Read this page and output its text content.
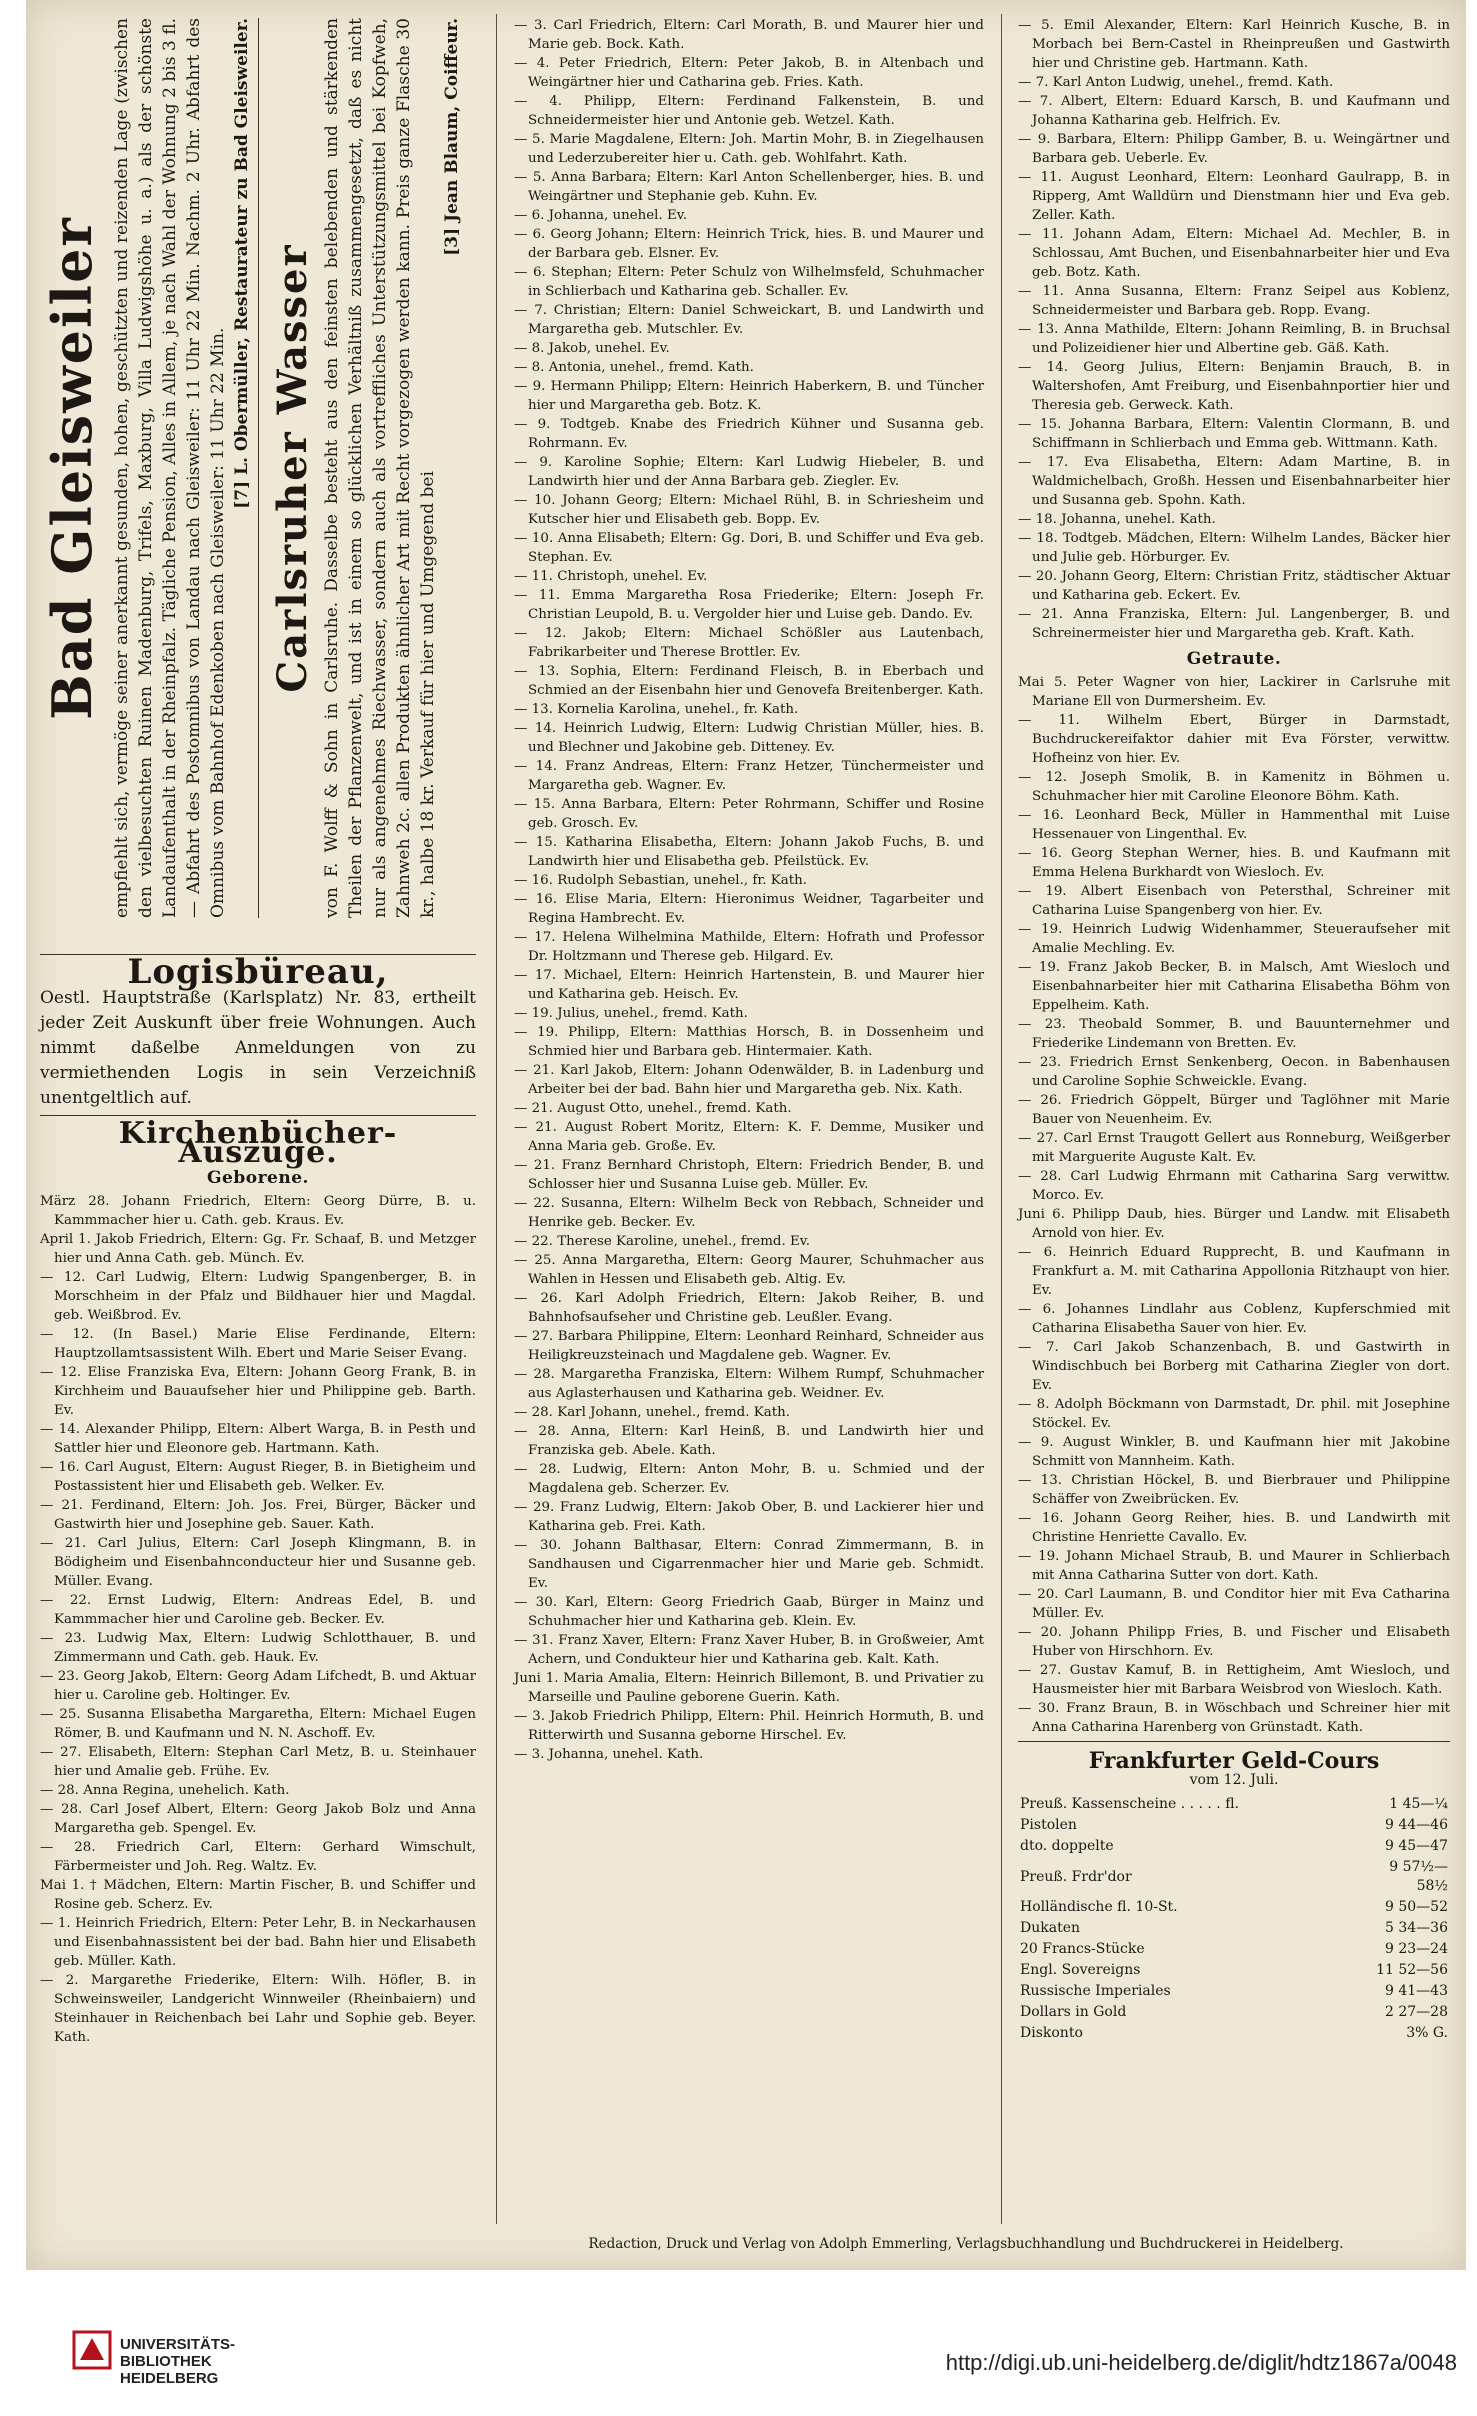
Bad Gleisweiler empfiehlt sich, vermöge seiner anerkannt gesunden, hohen, geschützten und reizenden Lage (zwischen den vielbesuchten Ruinen Madenburg, Trifels, Maxburg, Villa Ludwigshöhe u. a.) als der schönste Landaufenthalt in der Rheinpfalz. Tägliche Pension, Alles in Allem, je nach Wahl der Wohnung 2 bis 3 fl. — Abfahrt des Postomnibus von Landau nach Gleisweiler: 11 Uhr 22 Min. Nachm. 2 Uhr. Abfahrt des Omnibus vom Bahnhof Edenkoben nach Gleisweiler: 11 Uhr 22 Min. [7] L. Obermüller, Restaurateur zu Bad Gleisweiler. Carlsruher Wasser von F. Wolff & Sohn in Carlsruhe. Dasselbe besteht aus den feinsten belebenden und stärkenden Theilen der Pflanzenwelt, und ist in einem so glücklichen Verhältniß zusammengesetzt, daß es nicht nur als angenehmes Riechwasser, sondern auch als vortreffliches Unterstützungsmittel bei Kopfweh, Zahnweh 2c. allen Produkten ähnlicher Art mit Recht vorgezogen werden kann. Preis ganze Flasche 30 kr., halbe 18 kr. Verkauf für hier und Umgegend bei
[3] Jean Blaum, Coiffeur.
Logisbüreau,
Oestl. Hauptstraße (Karlsplatz) Nr. 83, ertheilt jeder Zeit Auskunft über freie Wohnungen. Auch nimmt daßelbe Anmeldungen von zu vermiethenden Logis in sein Verzeichniß unentgeltlich auf.
Kirchenbücher-Auszüge.
Geborene.

März 28. Johann Friedrich, Eltern: Georg Dürre, B. u. Kammmacher hier u. Cath. geb. Kraus. Ev.

April 1. Jakob Friedrich, Eltern: Gg. Fr. Schaaf, B. und Metzger hier und Anna Cath. geb. Münch. Ev.

— 12. Carl Ludwig, Eltern: Ludwig Spangenberger, B. in Morschheim in der Pfalz und Bildhauer hier und Magdal. geb. Weißbrod. Ev.

— 12. (In Basel.) Marie Elise Ferdinande, Eltern: Hauptzollamtsassistent Wilh. Ebert und Marie Seiser Evang.

— 12. Elise Franziska Eva, Eltern: Johann Georg Frank, B. in Kirchheim und Bauaufseher hier und Philippine geb. Barth. Ev.

— 14. Alexander Philipp, Eltern: Albert Warga, B. in Pesth und Sattler hier und Eleonore geb. Hartmann. Kath.

— 16. Carl August, Eltern: August Rieger, B. in Bietigheim und Postassistent hier und Elisabeth geb. Welker. Ev.

— 21. Ferdinand, Eltern: Joh. Jos. Frei, Bürger, Bäcker und Gastwirth hier und Josephine geb. Sauer. Kath.

— 21. Carl Julius, Eltern: Carl Joseph Klingmann, B. in Bödigheim und Eisenbahnconducteur hier und Susanne geb. Müller. Evang.

— 22. Ernst Ludwig, Eltern: Andreas Edel, B. und Kammmacher hier und Caroline geb. Becker. Ev.

— 23. Ludwig Max, Eltern: Ludwig Schlotthauer, B. und Zimmermann und Cath. geb. Hauk. Ev.

— 23. Georg Jakob, Eltern: Georg Adam Lifchedt, B. und Aktuar hier u. Caroline geb. Holtinger. Ev.

— 25. Susanna Elisabetha Margaretha, Eltern: Michael Eugen Römer, B. und Kaufmann und N. N. Aschoff. Ev.

— 27. Elisabeth, Eltern: Stephan Carl Metz, B. u. Steinhauer hier und Amalie geb. Frühe. Ev.

— 28. Anna Regina, unehelich. Kath.

— 28. Carl Josef Albert, Eltern: Georg Jakob Bolz und Anna Margaretha geb. Spengel. Ev.

— 28. Friedrich Carl, Eltern: Gerhard Wimschult, Färbermeister und Joh. Reg. Waltz. Ev.

Mai 1. † Mädchen, Eltern: Martin Fischer, B. und Schiffer und Rosine geb. Scherz. Ev.

— 1. Heinrich Friedrich, Eltern: Peter Lehr, B. in Neckarhausen und Eisenbahnassistent bei der bad. Bahn hier und Elisabeth geb. Müller. Kath.

— 2. Margarethe Friederike, Eltern: Wilh. Höfler, B. in Schweinsweiler, Landgericht Winnweiler (Rheinbaiern) und Steinhauer in Reichenbach bei Lahr und Sophie geb. Beyer. Kath.

— 3. Carl Friedrich, Eltern: Carl Morath, B. und Maurer hier und Marie geb. Bock. Kath.

— 4. Peter Friedrich, Eltern: Peter Jakob, B. in Altenbach und Weingärtner hier und Catharina geb. Fries. Kath.

— 4. Philipp, Eltern: Ferdinand Falkenstein, B. und Schneidermeister hier und Antonie geb. Wetzel. Kath.

— 5. Marie Magdalene, Eltern: Joh. Martin Mohr, B. in Ziegelhausen und Lederzubereiter hier u. Cath. geb. Wohlfahrt. Kath.

— 5. Anna Barbara; Eltern: Karl Anton Schellenberger, hies. B. und Weingärtner und Stephanie geb. Kuhn. Ev.

— 6. Johanna, unehel. Ev.

— 6. Georg Johann; Eltern: Heinrich Trick, hies. B. und Maurer und der Barbara geb. Elsner. Ev.

— 6. Stephan; Eltern: Peter Schulz von Wilhelmsfeld, Schuhmacher in Schlierbach und Katharina geb. Schaller. Ev.

— 7. Christian; Eltern: Daniel Schweickart, B. und Landwirth und Margaretha geb. Mutschler. Ev.

— 8. Jakob, unehel. Ev.

— 8. Antonia, unehel., fremd. Kath.

— 9. Hermann Philipp; Eltern: Heinrich Haberkern, B. und Tüncher hier und Margaretha geb. Botz. K.

— 9. Todtgeb. Knabe des Friedrich Kühner und Susanna geb. Rohrmann. Ev.

— 9. Karoline Sophie; Eltern: Karl Ludwig Hiebeler, B. und Landwirth hier und der Anna Barbara geb. Ziegler. Ev.

— 10. Johann Georg; Eltern: Michael Rühl, B. in Schriesheim und Kutscher hier und Elisabeth geb. Bopp. Ev.

— 10. Anna Elisabeth; Eltern: Gg. Dori, B. und Schiffer und Eva geb. Stephan. Ev.

— 11. Christoph, unehel. Ev.

— 11. Emma Margaretha Rosa Friederike; Eltern: Joseph Fr. Christian Leupold, B. u. Vergolder hier und Luise geb. Dando. Ev.

— 12. Jakob; Eltern: Michael Schößler aus Lautenbach, Fabrikarbeiter und Therese Brottler. Ev.

— 13. Sophia, Eltern: Ferdinand Fleisch, B. in Eberbach und Schmied an der Eisenbahn hier und Genovefa Breitenberger. Kath.

— 13. Kornelia Karolina, unehel., fr. Kath.

— 14. Heinrich Ludwig, Eltern: Ludwig Christian Müller, hies. B. und Blechner und Jakobine geb. Ditteney. Ev.

— 14. Franz Andreas, Eltern: Franz Hetzer, Tünchermeister und Margaretha geb. Wagner. Ev.

— 15. Anna Barbara, Eltern: Peter Rohrmann, Schiffer und Rosine geb. Grosch. Ev.

— 15. Katharina Elisabetha, Eltern: Johann Jakob Fuchs, B. und Landwirth hier und Elisabetha geb. Pfeilstück. Ev.

— 16. Rudolph Sebastian, unehel., fr. Kath.

— 16. Elise Maria, Eltern: Hieronimus Weidner, Tagarbeiter und Regina Hambrecht. Ev.

— 17. Helena Wilhelmina Mathilde, Eltern: Hofrath und Professor Dr. Holtzmann und Therese geb. Hilgard. Ev.

— 17. Michael, Eltern: Heinrich Hartenstein, B. und Maurer hier und Katharina geb. Heisch. Ev.

— 19. Julius, unehel., fremd. Kath.

— 19. Philipp, Eltern: Matthias Horsch, B. in Dossenheim und Schmied hier und Barbara geb. Hintermaier. Kath.

— 21. Karl Jakob, Eltern: Johann Odenwälder, B. in Ladenburg und Arbeiter bei der bad. Bahn hier und Margaretha geb. Nix. Kath.

— 21. August Otto, unehel., fremd. Kath.

— 21. August Robert Moritz, Eltern: K. F. Demme, Musiker und Anna Maria geb. Große. Ev.

— 21. Franz Bernhard Christoph, Eltern: Friedrich Bender, B. und Schlosser hier und Susanna Luise geb. Müller. Ev.

— 22. Susanna, Eltern: Wilhelm Beck von Rebbach, Schneider und Henrike geb. Becker. Ev.

— 22. Therese Karoline, unehel., fremd. Ev.

— 25. Anna Margaretha, Eltern: Georg Maurer, Schuhmacher aus Wahlen in Hessen und Elisabeth geb. Altig. Ev.

— 26. Karl Adolph Friedrich, Eltern: Jakob Reiher, B. und Bahnhofsaufseher und Christine geb. Leußler. Evang.

— 27. Barbara Philippine, Eltern: Leonhard Reinhard, Schneider aus Heiligkreuzsteinach und Magdalene geb. Wagner. Ev.

— 28. Margaretha Franziska, Eltern: Wilhem Rumpf, Schuhmacher aus Aglasterhausen und Katharina geb. Weidner. Ev.

— 28. Karl Johann, unehel., fremd. Kath.

— 28. Anna, Eltern: Karl Heinß, B. und Landwirth hier und Franziska geb. Abele. Kath.

— 28. Ludwig, Eltern: Anton Mohr, B. u. Schmied und der Magdalena geb. Scherzer. Ev.

— 29. Franz Ludwig, Eltern: Jakob Ober, B. und Lackierer hier und Katharina geb. Frei. Kath.

— 30. Johann Balthasar, Eltern: Conrad Zimmermann, B. in Sandhausen und Cigarrenmacher hier und Marie geb. Schmidt. Ev.

— 30. Karl, Eltern: Georg Friedrich Gaab, Bürger in Mainz und Schuhmacher hier und Katharina geb. Klein. Ev.

— 31. Franz Xaver, Eltern: Franz Xaver Huber, B. in Großweier, Amt Achern, und Condukteur hier und Katharina geb. Kalt. Kath.

Juni 1. Maria Amalia, Eltern: Heinrich Billemont, B. und Privatier zu Marseille und Pauline geborene Guerin. Kath.

— 3. Jakob Friedrich Philipp, Eltern: Phil. Heinrich Hormuth, B. und Ritterwirth und Susanna geborne Hirschel. Ev.

— 3. Johanna, unehel. Kath.

— 5. Emil Alexander, Eltern: Karl Heinrich Kusche, B. in Morbach bei Bern-Castel in Rheinpreußen und Gastwirth hier und Christine geb. Hartmann. Kath.

— 7. Karl Anton Ludwig, unehel., fremd. Kath.

— 7. Albert, Eltern: Eduard Karsch, B. und Kaufmann und Johanna Katharina geb. Helfrich. Ev.

— 9. Barbara, Eltern: Philipp Gamber, B. u. Weingärtner und Barbara geb. Ueberle. Ev.

— 11. August Leonhard, Eltern: Leonhard Gaulrapp, B. in Ripperg, Amt Walldürn und Dienstmann hier und Eva geb. Zeller. Kath.

— 11. Johann Adam, Eltern: Michael Ad. Mechler, B. in Schlossau, Amt Buchen, und Eisenbahnarbeiter hier und Eva geb. Botz. Kath.

— 11. Anna Susanna, Eltern: Franz Seipel aus Koblenz, Schneidermeister und Barbara geb. Ropp. Evang.

— 13. Anna Mathilde, Eltern: Johann Reimling, B. in Bruchsal und Polizeidiener hier und Albertine geb. Gäß. Kath.

— 14. Georg Julius, Eltern: Benjamin Brauch, B. in Waltershofen, Amt Freiburg, und Eisenbahnportier hier und Theresia geb. Gerweck. Kath.

— 15. Johanna Barbara, Eltern: Valentin Clormann, B. und Schiffmann in Schlierbach und Emma geb. Wittmann. Kath.

— 17. Eva Elisabetha, Eltern: Adam Martine, B. in Waldmichelbach, Großh. Hessen und Eisenbahnarbeiter hier und Susanna geb. Spohn. Kath.

— 18. Johanna, unehel. Kath.

— 18. Todtgeb. Mädchen, Eltern: Wilhelm Landes, Bäcker hier und Julie geb. Hörburger. Ev.

— 20. Johann Georg, Eltern: Christian Fritz, städtischer Aktuar und Katharina geb. Eckert. Ev.

— 21. Anna Franziska, Eltern: Jul. Langenberger, B. und Schreinermeister hier und Margaretha geb. Kraft. Kath.

Getraute.

Mai 5. Peter Wagner von hier, Lackirer in Carlsruhe mit Mariane Ell von Durmersheim. Ev.

— 11. Wilhelm Ebert, Bürger in Darmstadt, Buchdruckereifaktor dahier mit Eva Förster, verwittw. Hofheinz von hier. Ev.

— 12. Joseph Smolik, B. in Kamenitz in Böhmen u. Schuhmacher hier mit Caroline Eleonore Böhm. Kath.

— 16. Leonhard Beck, Müller in Hammenthal mit Luise Hessenauer von Lingenthal. Ev.

— 16. Georg Stephan Werner, hies. B. und Kaufmann mit Emma Helena Burkhardt von Wiesloch. Ev.

— 19. Albert Eisenbach von Petersthal, Schreiner mit Catharina Luise Spangenberg von hier. Ev.

— 19. Heinrich Ludwig Widenhammer, Steueraufseher mit Amalie Mechling. Ev.

— 19. Franz Jakob Becker, B. in Malsch, Amt Wiesloch und Eisenbahnarbeiter hier mit Catharina Elisabetha Böhm von Eppelheim. Kath.

— 23. Theobald Sommer, B. und Bauunternehmer und Friederike Lindemann von Bretten. Ev.

— 23. Friedrich Ernst Senkenberg, Oecon. in Babenhausen und Caroline Sophie Schweickle. Evang.

— 26. Friedrich Göppelt, Bürger und Taglöhner mit Marie Bauer von Neuenheim. Ev.

— 27. Carl Ernst Traugott Gellert aus Ronneburg, Weißgerber mit Marguerite Auguste Kalt. Ev.

— 28. Carl Ludwig Ehrmann mit Catharina Sarg verwittw. Morco. Ev.

Juni 6. Philipp Daub, hies. Bürger und Landw. mit Elisabeth Arnold von hier. Ev.

— 6. Heinrich Eduard Rupprecht, B. und Kaufmann in Frankfurt a. M. mit Catharina Appollonia Ritzhaupt von hier. Ev.

— 6. Johannes Lindlahr aus Coblenz, Kupferschmied mit Catharina Elisabetha Sauer von hier. Ev.

— 7. Carl Jakob Schanzenbach, B. und Gastwirth in Windischbuch bei Borberg mit Catharina Ziegler von dort. Ev.

— 8. Adolph Böckmann von Darmstadt, Dr. phil. mit Josephine Stöckel. Ev.

— 9. August Winkler, B. und Kaufmann hier mit Jakobine Schmitt von Mannheim. Kath.

— 13. Christian Höckel, B. und Bierbrauer und Philippine Schäffer von Zweibrücken. Ev.

— 16. Johann Georg Reiher, hies. B. und Landwirth mit Christine Henriette Cavallo. Ev.

— 19. Johann Michael Straub, B. und Maurer in Schlierbach mit Anna Catharina Sutter von dort. Kath.

— 20. Carl Laumann, B. und Conditor hier mit Eva Catharina Müller. Ev.

— 20. Johann Philipp Fries, B. und Fischer und Elisabeth Huber von Hirschhorn. Ev.

— 27. Gustav Kamuf, B. in Rettigheim, Amt Wiesloch, und Hausmeister hier mit Barbara Weisbrod von Wiesloch. Kath.

— 30. Franz Braun, B. in Wöschbach und Schreiner hier mit Anna Catharina Harenberg von Grünstadt. Kath.

Frankfurter Geld-Cours
vom 12. Juli.
Preuß. Kassenscheine . . . . . fl.	1 45—¼
Pistolen	9 44—46
dto. doppelte	9 45—47
Preuß. Frdr'dor	9 57½—58½
Holländische fl. 10-St.	9 50—52
Dukaten	5 34—36
20 Francs-Stücke	9 23—24
Engl. Sovereigns	11 52—56
Russische Imperiales	9 41—43
Dollars in Gold	2 27—28
Diskonto	3% G.
Redaction, Druck und Verlag von Adolph Emmerling, Verlagsbuchhandlung und Buchdruckerei in Heidelberg.
UNIVERSITÄTS-
BIBLIOTHEK
HEIDELBERG
http://digi.ub.uni-heidelberg.de/diglit/hdtz1867a/0048
